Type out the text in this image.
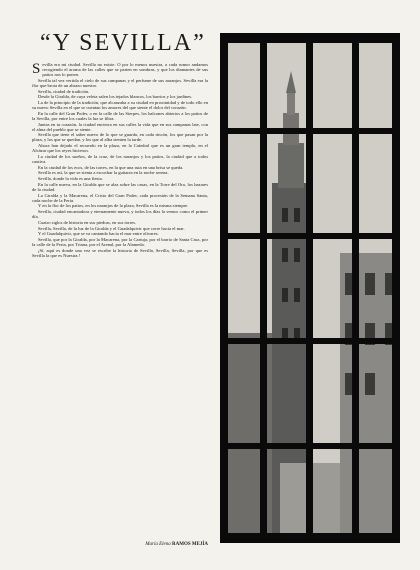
“Y SEVILLA”

Sevilla era mi ciudad. Sevilla no existe. O por lo menos nuestra, a cada rumor andamos recogiendo el aroma de las calles que se parten en sombras, y que los diamantes de sus patios nos lo ponen.

Sevilla tal vez vertida el cielo de sus campanas y el perfume de sus naranjos. Sevilla era la flor que brota de un abrazo nuestro.

Sevilla, ciudad de tradición.

Desde la Giralda, de cuya veleta salen los tejados blancos, los barrios y los jardines.

La de la principio de la tradición, que alcanzaba a su ciudad en proximidad y de todo ello en su nuevo Sevilla en el que se cuentan los amores del que siente el dolor del corazón.

En la calle del Gran Poder, o en la calle de las Sierpes, los balcones abiertos a los patios de la Sevilla, por entre los cuales la luz se filtra.

Juntas en tu corazón, la ciudad encierra en sus calles la vida que en sus campanas late, con el alma del pueblo que se siente.

Sevilla que tiene el saber nuevo de lo que se guarda, en cada rincón, los que pasan por la plaza, y los que se quedan, y los que al alba sienten la tarde.

Ahora han dejado el recuerdo en la plaza, en la Catedral que es un gran templo, en el Alcázar que los reyes hicieron.

La ciudad de los sueños, de la cruz, de los naranjos y los patios, la ciudad que a todos cautiva.

En la ciudad de los ecos, de las torres, en la que una ruta en una brisa se queda.

Sevilla es así, la que se sienta a escuchar la guitarra en la noche serena.

Sevilla, donde la vida es una fiesta.

En la calle nueva, en la Giralda que se alza sobre las casas, en la Torre del Oro, los bazares de la ciudad.

La Giralda y la Macarena, el Cristo del Gran Poder, cada procesión de la Semana Santa, cada noche de la Feria.

Y en la flor de los patios, en los naranjos de la plaza, Sevilla es la misma siempre.

Sevilla, ciudad encantadora y eternamente nueva, y todos los días la vemos como el primer día.

Cuatro siglos de historia en sus piedras, en sus torres.

Sevilla, Sevilla, de la luz de la Giralda y el Guadalquivir que corre hacia el mar.

Y el Guadalquivir, que se va cantando hacia el mar entre olivares.

Sevilla, que por la Giralda, por la Macarena, por la Cartuja, por el barrio de Santa Cruz, por la calle de la Feria, por Triana, por el Arenal, por la Alameda.

¡Sí, aquí es donde una vez se escribe la historia de Sevilla, Sevilla, Sevilla, por que es Sevilla la que es Nuestra.!

María Elena RAMOS MEJÍA
